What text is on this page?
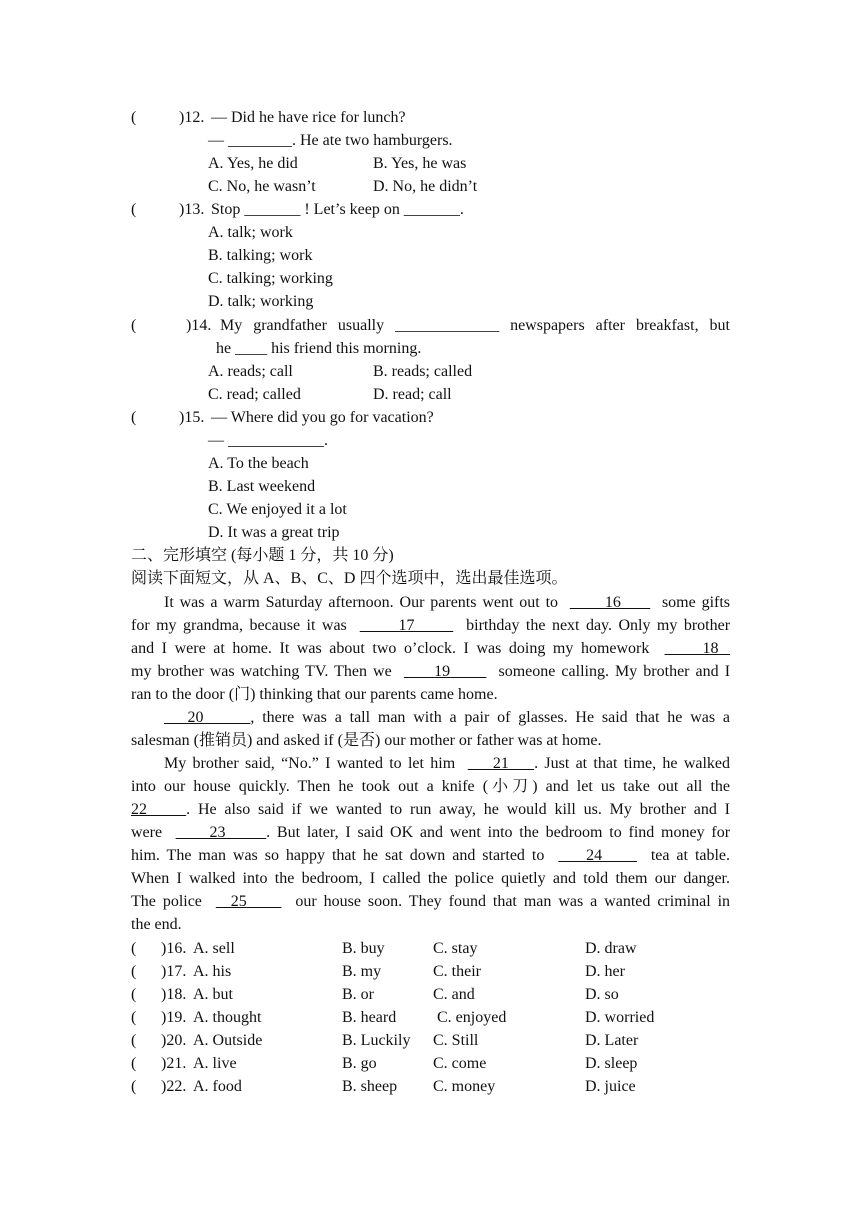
(	)12. — Did he have rice for lunch?
— ________. He ate two hamburgers.
A. Yes, he did	B. Yes, he was
C. No, he wasn’t	D. No, he didn’t
(	)13. Stop _______ ! Let’s keep on _______.
A. talk; work
B. talking; work
C. talking; working
D. talk; working
(	)14. My grandfather usually _____________ newspapers after breakfast, but
he ____ his friend this morning.
A. reads; call	B. reads; called
C. read; called	D. read; call
(	)15. — Where did you go for vacation?
— ____________.
A. To the beach
B. Last weekend
C. We enjoyed it a lot
D. It was a great trip
二、完形填空 (每小题 1 分，共 10 分)
阅读下面短文，从 A、B、C、D 四个选项中，选出最佳选项。
It was a warm Saturday afternoon. Our parents went out to	16	some gifts
for my grandma, because it was	17	birthday the next day. Only my brother
and I were at home. It was about two o’clock. I was doing my homework	18
my brother was watching TV. Then we	19	someone calling. My brother and I
ran to the door (门) thinking that our parents came home.
20	, there was a tall man with a pair of glasses. He said that he was a
salesman (推销员) and asked if (是否) our mother or father was at home.
My brother said, “No.” I wanted to let him 21 . Just at that time, he walked
into our house quickly. Then he took out a knife (小刀) and let us take out all the
22 . He also said if we wanted to run away, he would kill us. My brother and I
were	23	. But later, I said OK and went into the bedroom to find money for
him. The man was so happy that he sat down and started to	24	tea at table.
When I walked into the bedroom, I called the police quietly and told them our danger.
The police _25	our house soon. They found that man was a wanted criminal in
the end.
( )16. A. sell	B. buy	C. stay	D. draw
( )17. A. his	B. my	C. their	D. her
( )18. A. but	B. or	C. and	D. so
( )19. A. thought	B. heard	C. enjoyed	D. worried
( )20. A. Outside	B. Luckily C. Still	D. Later
( )21. A. live	B. go	C. come	D. sleep
( )22. A. food	B. sheep C. money	D. juice
